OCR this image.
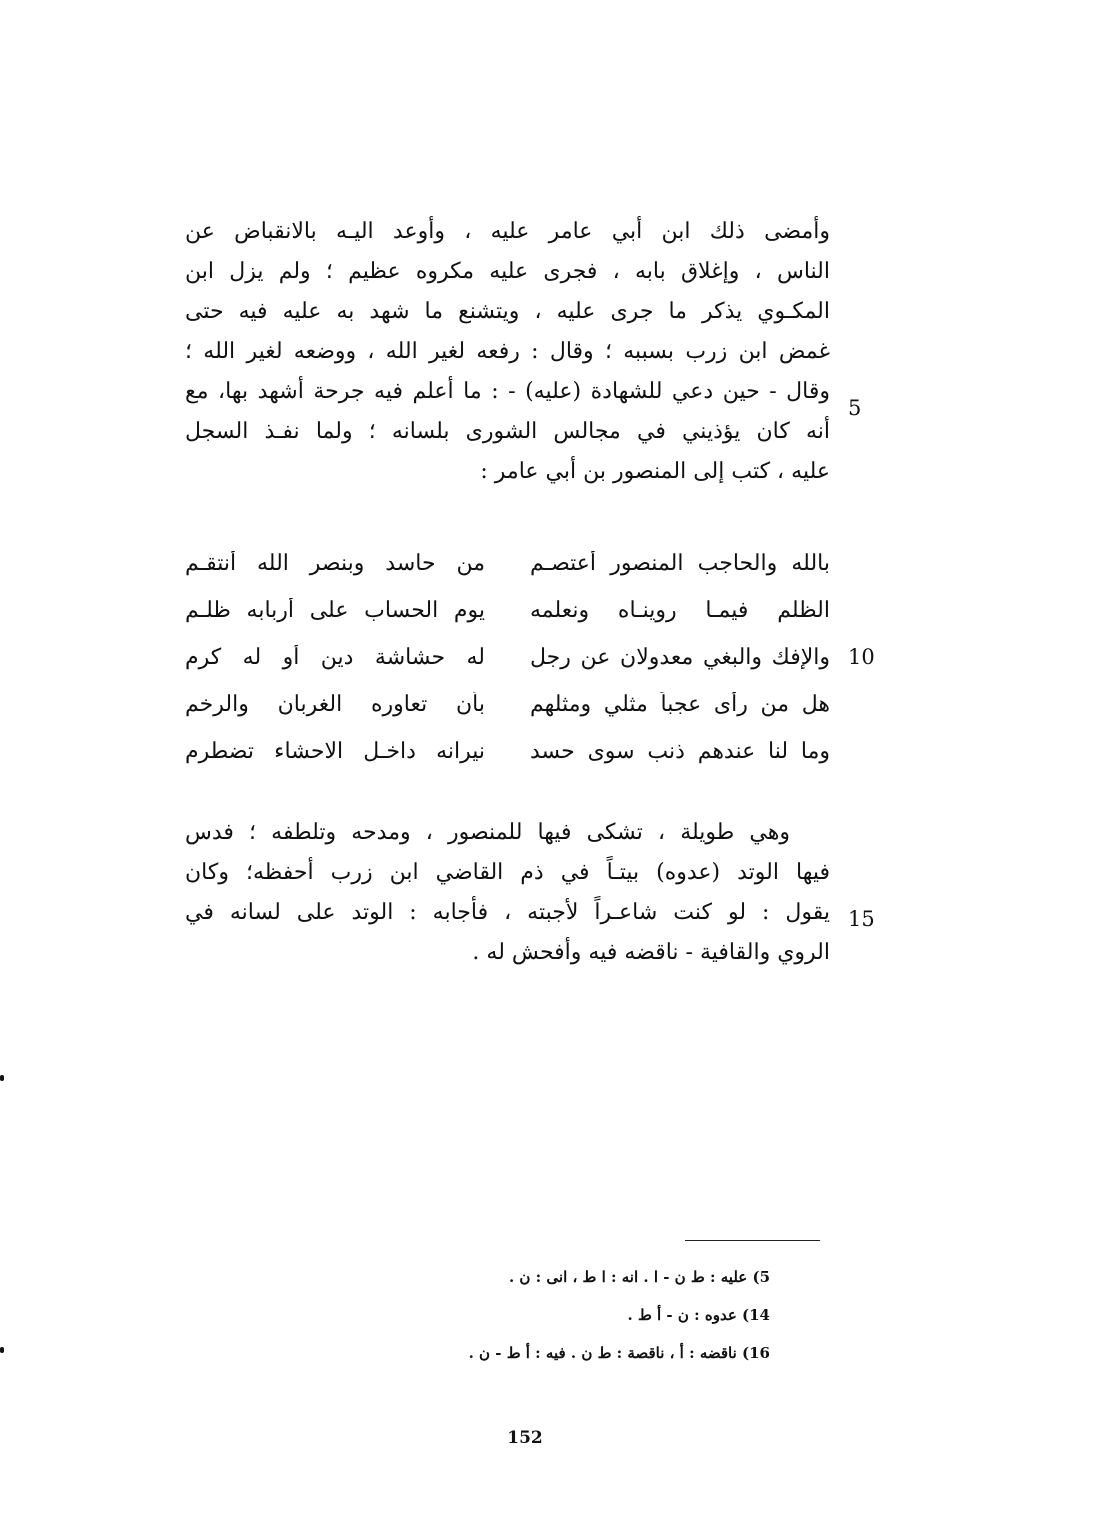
وأمضى ذلك ابن أبي عامر عليه ، وأوعد اليـه بالانقباض عن
الناس ، وإغلاق بابه ، فجرى عليه مكروه عظيم ؛ ولم يزل ابن
المكـوي يذكر ما جرى عليه ، ويتشنع ما شهد به عليه فيه حتى
غمض ابن زرب بسببه ؛ وقال : رفعه لغير الله ، ووضعه لغير الله ؛
وقال - حين دعي للشهادة (عليه) - : ما أعلم فيه جرحة أشهد بها، مع
أنه كان يؤذيني في مجالس الشورى بلسانه ؛ ولما نفـذ السجل
عليه ، كتب إلى المنصور بن أبي عامر :
5
بالله والحاجب المنصور أعتصـم
من حاسد وبنصر الله أنتقـم
الظلم فيمـا روينـاه ونعلمه
يوم الحساب على أربابه ظلـم
والإفك والبغي معدولان عن رجل
له حشاشة دين أو له كرم
هل من رأى عجباً مثلي ومثلهم
بأن تعاوره الغربان والرخم
وما لنا عندهم ذنب سوى حسد
نيرانه داخـل الاحشاء تضطرم
10
وهي طويلة ، تشكى فيها للمنصور ، ومدحه وتلطفه ؛ فدس
فيها الوتد (عدوه) بيتـاً في ذم القاضي ابن زرب أحفظه؛ وكان
يقول : لو كنت شاعـراً لأجبته ، فأجابه : الوتد على لسانه في
الروي والقافية - ناقضه فيه وأفحش له .
15
5) عليه : ط ن - ا . انه : ا ط ، انى : ن .
14) عدوه : ن - أ ط .
16) ناقضه : أ ، ناقصة : ط ن . فيه : أ ط - ن .
152
